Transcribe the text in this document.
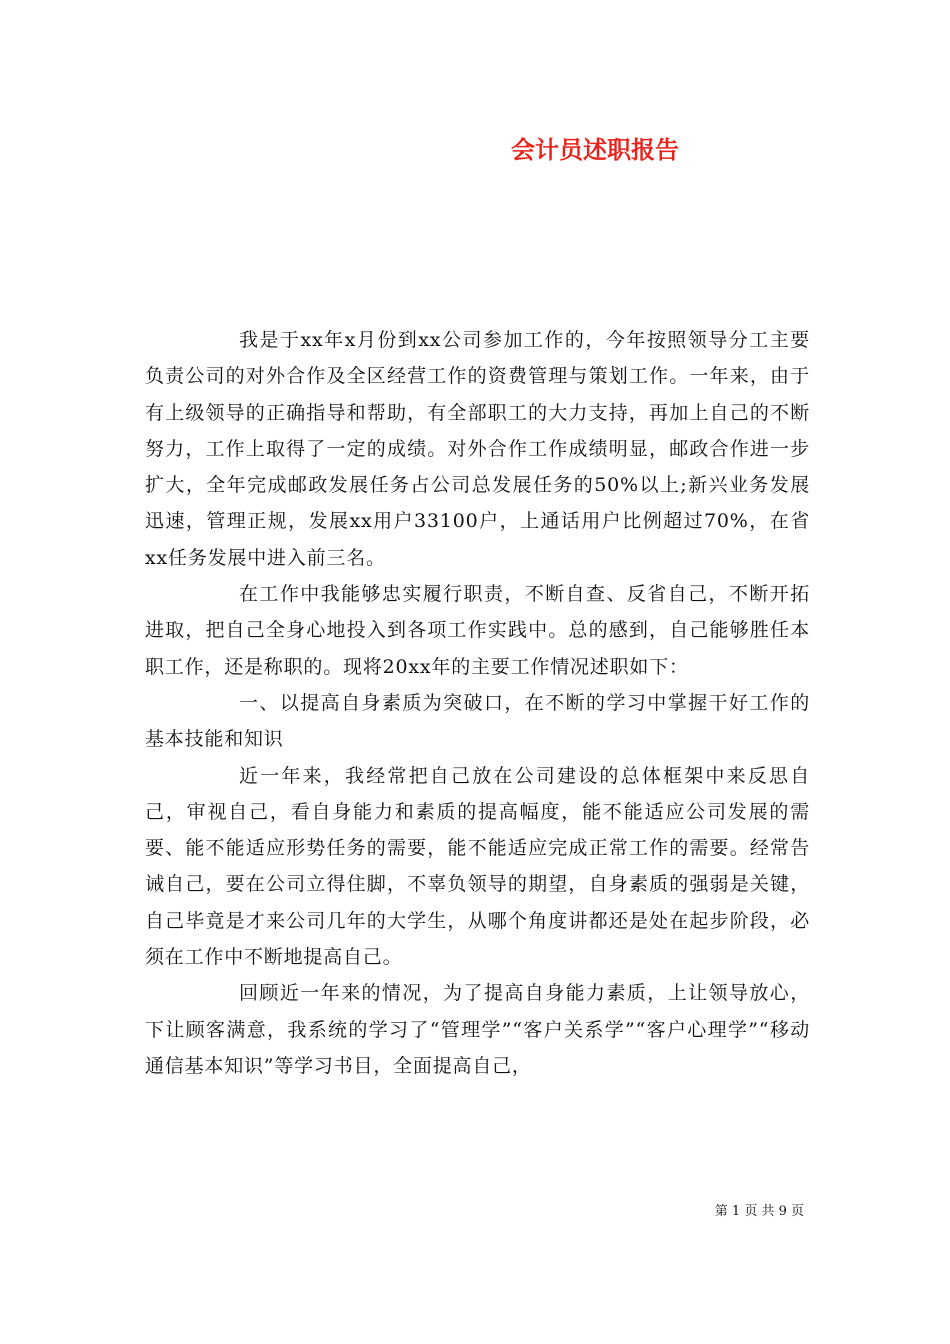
会计员述职报告

我是于xx年x月份到xx公司参加工作的，今年按照领导分工主要负责公司的对外合作及全区经营工作的资费管理与策划工作。一年来，由于有上级领导的正确指导和帮助，有全部职工的大力支持，再加上自己的不断努力，工作上取得了一定的成绩。对外合作工作成绩明显，邮政合作进一步扩大，全年完成邮政发展任务占公司总发展任务的50%以上;新兴业务发展迅速，管理正规，发展xx用户33100户，上通话用户比例超过70%，在省xx任务发展中进入前三名。

在工作中我能够忠实履行职责，不断自查、反省自己，不断开拓进取，把自己全身心地投入到各项工作实践中。总的感到，自己能够胜任本职工作，还是称职的。现将20xx年的主要工作情况述职如下：

一、以提高自身素质为突破口，在不断的学习中掌握干好工作的基本技能和知识

近一年来，我经常把自己放在公司建设的总体框架中来反思自己，审视自己，看自身能力和素质的提高幅度，能不能适应公司发展的需要、能不能适应形势任务的需要，能不能适应完成正常工作的需要。经常告诫自己，要在公司立得住脚，不辜负领导的期望，自身素质的强弱是关键，自己毕竟是才来公司几年的大学生，从哪个角度讲都还是处在起步阶段，必须在工作中不断地提高自己。

回顾近一年来的情况，为了提高自身能力素质，上让领导放心，下让顾客满意，我系统的学习了“管理学”“客户关系学”“客户心理学”“移动通信基本知识”等学习书目，全面提高自己，

第 1 页 共 9 页
